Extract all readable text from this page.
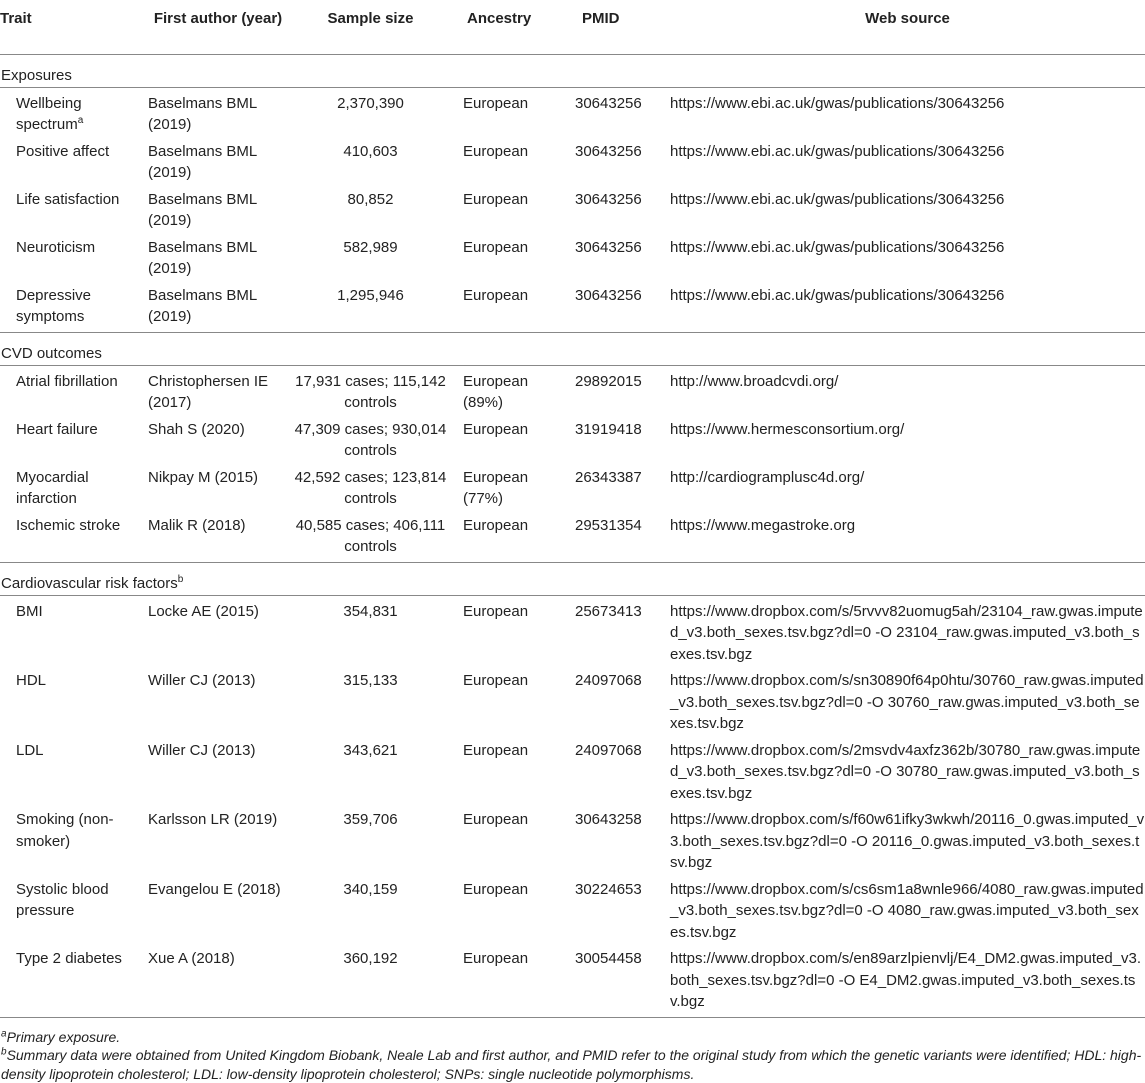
Trait	First author (year)	Sample size	Ancestry	PMID	Web source
Exposures					
Wellbeing spectrum$^a$	Baselmans BML (2019)	2,370,390	European	30643256	https://www.ebi.ac.uk/gwas/publications/30643256
Positive affect	Baselmans BML (2019)	410,603	European	30643256	https://www.ebi.ac.uk/gwas/publications/30643256
Life satisfaction	Baselmans BML (2019)	80,852	European	30643256	https://www.ebi.ac.uk/gwas/publications/30643256
Neuroticism	Baselmans BML (2019)	582,989	European	30643256	https://www.ebi.ac.uk/gwas/publications/30643256
Depressive symptoms	Baselmans BML (2019)	1,295,946	European	30643256	https://www.ebi.ac.uk/gwas/publications/30643256
CVD outcomes					
Atrial fibrillation	Christophersen IE (2017)	17,931 cases; 115,142 controls	European (89%)	29892015	http://www.broadcvdi.org/
Heart failure	Shah S (2020)	47,309 cases; 930,014 controls	European	31919418	https://www.hermesconsortium.org/
Myocardial infarction	Nikpay M (2015)	42,592 cases; 123,814 controls	European (77%)	26343387	http://cardiogramplusc4d.org/
Ischemic stroke	Malik R (2018)	40,585 cases; 406,111 controls	European	29531354	https://www.megastroke.org
Cardiovascular risk factors$^b$
BMI	Locke AE (2015)	354,831	European	25673413	https://www.dropbox.com/s/5rvvv82uomug5ah/23104_raw.gwas.imputed_v3.both_sexes.tsv.bgz?dl=0 -O 23104_raw.gwas.imputed_v3.both_sexes.tsv.bgz
HDL	Willer CJ (2013)	315,133	European	24097068	https://www.dropbox.com/s/sn30890f64p0htu/30760_raw.gwas.imputed_v3.both_sexes.tsv.bgz?dl=0 -O 30760_raw.gwas.imputed_v3.both_sexes.tsv.bgz
LDL	Willer CJ (2013)	343,621	European	24097068	https://www.dropbox.com/s/2msvdv4axfz362b/30780_raw.gwas.imputed_v3.both_sexes.tsv.bgz?dl=0 -O 30780_raw.gwas.imputed_v3.both_sexes.tsv.bgz
Smoking (non-smoker)	Karlsson LR (2019)	359,706	European	30643258	https://www.dropbox.com/s/f60w61ifky3wkwh/20116_0.gwas.imputed_v3.both_sexes.tsv.bgz?dl=0 -O 20116_0.gwas.imputed_v3.both_sexes.tsv.bgz
Systolic blood pressure	Evangelou E (2018)	340,159	European	30224653	https://www.dropbox.com/s/cs6sm1a8wnle966/4080_raw.gwas.imputed_v3.both_sexes.tsv.bgz?dl=0 -O 4080_raw.gwas.imputed_v3.both_sexes.tsv.bgz
Type 2 diabetes	Xue A (2018)	360,192	European	30054458	https://www.dropbox.com/s/en89arzlpienvlj/E4_DM2.gwas.imputed_v3.both_sexes.tsv.bgz?dl=0 -O E4_DM2.gwas.imputed_v3.both_sexes.tsv.bgz
$^a$Primary exposure.
$^b$Summary data were obtained from United Kingdom Biobank, Neale Lab and first author, and PMID refer to the original study from which the genetic variants were identified; HDL: high-density lipoprotein cholesterol; LDL: low-density lipoprotein cholesterol; SNPs: single nucleotide polymorphisms.
